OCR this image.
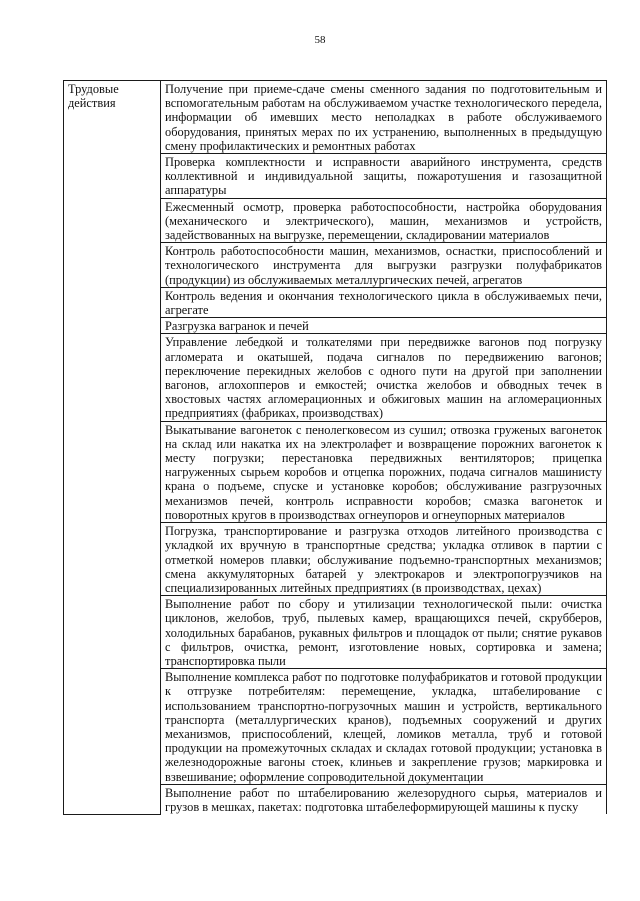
58
Трудовые действия	Получение при приеме-сдаче смены сменного задания по подготовительным и вспомогательным работам на обслуживаемом участке технологического передела, информации об имевших место неполадках в работе обслуживаемого оборудования, принятых мерах по их устранению, выполненных в предыдущую смену профилактических и ремонтных работах
Проверка комплектности и исправности аварийного инструмента, средств коллективной и индивидуальной защиты, пожаротушения и газозащитной аппаратуры
Ежесменный осмотр, проверка работоспособности, настройка оборудования (механического и электрического), машин, механизмов и устройств, задействованных на выгрузке, перемещении, складировании материалов
Контроль работоспособности машин, механизмов, оснастки, приспособлений и технологического инструмента для выгрузки разгрузки полуфабрикатов (продукции) из обслуживаемых металлургических печей, агрегатов
Контроль ведения и окончания технологического цикла в обслуживаемых печи, агрегате
Разгрузка вагранок и печей
Управление лебедкой и толкателями при передвижке вагонов под погрузку агломерата и окатышей, подача сигналов по передвижению вагонов; переключение перекидных желобов с одного пути на другой при заполнении вагонов, аглохопперов и емкостей; очистка желобов и обводных течек в хвостовых частях агломерационных и обжиговых машин на агломерационных предприятиях (фабриках, производствах)
Выкатывание вагонеток с пенолегковесом из сушил; отвозка груженых вагонеток на склад или накатка их на электролафет и возвращение порожних вагонеток к месту погрузки; перестановка передвижных вентиляторов; прицепка нагруженных сырьем коробов и отцепка порожних, подача сигналов машинисту крана о подъеме, спуске и установке коробов; обслуживание разгрузочных механизмов печей, контроль исправности коробов; смазка вагонеток и поворотных кругов в производствах огнеупоров и огнеупорных материалов
Погрузка, транспортирование и разгрузка отходов литейного производства с укладкой их вручную в транспортные средства; укладка отливок в партии с отметкой номеров плавки; обслуживание подъемно-транспортных механизмов; смена аккумуляторных батарей у электрокаров и электропогрузчиков на специализированных литейных предприятиях (в производствах, цехах)
Выполнение работ по сбору и утилизации технологической пыли: очистка циклонов, желобов, труб, пылевых камер, вращающихся печей, скрубберов, холодильных барабанов, рукавных фильтров и площадок от пыли; снятие рукавов с фильтров, очистка, ремонт, изготовление новых, сортировка и замена; транспортировка пыли
Выполнение комплекса работ по подготовке полуфабрикатов и готовой продукции к отгрузке потребителям: перемещение, укладка, штабелирование с использованием транспортно-погрузочных машин и устройств, вертикального транспорта (металлургических кранов), подъемных сооружений и других механизмов, приспособлений, клещей, ломиков металла, труб и готовой продукции на промежуточных складах и складах готовой продукции; установка в железнодорожные вагоны стоек, клиньев и закрепление грузов; маркировка и взвешивание; оформление сопроводительной документации
Выполнение работ по штабелированию железорудного сырья, материалов и грузов в мешках, пакетах: подготовка штабелеформирующей машины к пуску
